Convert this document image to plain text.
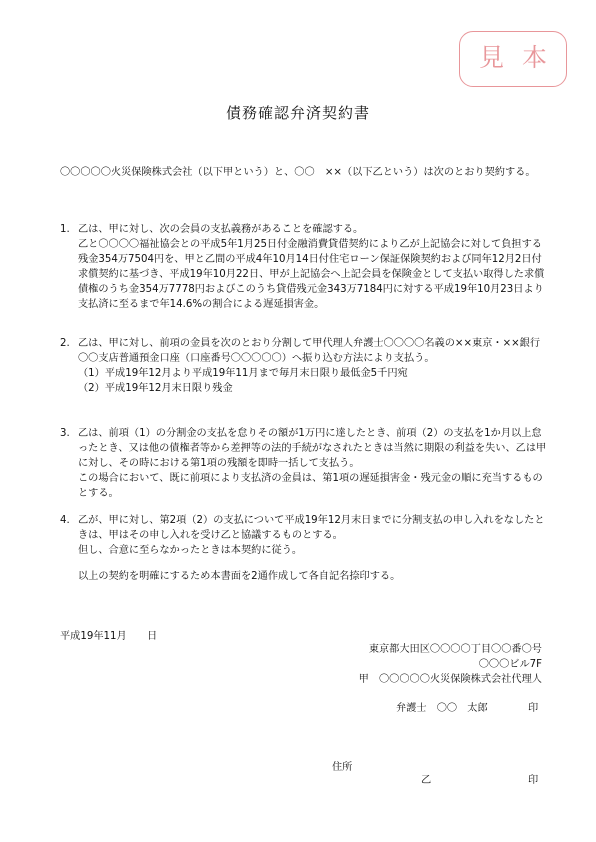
見本
債務確認弁済契約書
〇〇〇〇〇火災保険株式会社（以下甲という）と、〇〇　××（以下乙という）は次のとおり契約する。
1. 乙は、甲に対し、次の会員の支払義務があることを確認する。
乙と〇〇〇〇福祉協会との平成5年1月25日付金融消費貸借契約により乙が上記協会に対して負担する残金354万7504円を、甲と乙間の平成4年10月14日付住宅ローン保証保険契約および同年12月2日付求償契約に基づき、平成19年10月22日、甲が上記協会へ上記会員を保険金として支払い取得した求償債権のうち金354万7778円およびこのうち貸借残元金343万7184円に対する平成19年10月23日より支払済に至るまで年14.6%の割合による遅延損害金。
2. 乙は、甲に対し、前項の金員を次のとおり分割して甲代理人弁護士〇〇〇〇名義の××東京・××銀行〇〇支店普通預金口座（口座番号〇〇〇〇〇）へ振り込む方法により支払う。
（1）平成19年12月より平成19年11月まで毎月末日限り最低金5千円宛
（2）平成19年12月末日限り残金
3. 乙は、前項（1）の分割金の支払を怠りその額が1万円に達したとき、前項（2）の支払を1か月以上怠ったとき、又は他の債権者等から差押等の法的手続がなされたときは当然に期限の利益を失い、乙は甲に対し、その時における第1項の残額を即時一括して支払う。
この場合において、既に前項により支払済の金員は、第1項の遅延損害金・残元金の順に充当するものとする。
4. 乙が、甲に対し、第2項（2）の支払について平成19年12月末日までに分割支払の申し入れをなしたときは、甲はその申し入れを受け乙と協議するものとする。
但し、合意に至らなかったときは本契約に従う。
以上の契約を明確にするため本書面を2通作成して各自記名捺印する。
平成19年11月　　日
東京都大田区〇〇〇〇丁目〇〇番〇号
〇〇〇ビル7F
甲　〇〇〇〇〇火災保険株式会社代理人
弁護士　〇〇　太郎	印
住所
乙	印
